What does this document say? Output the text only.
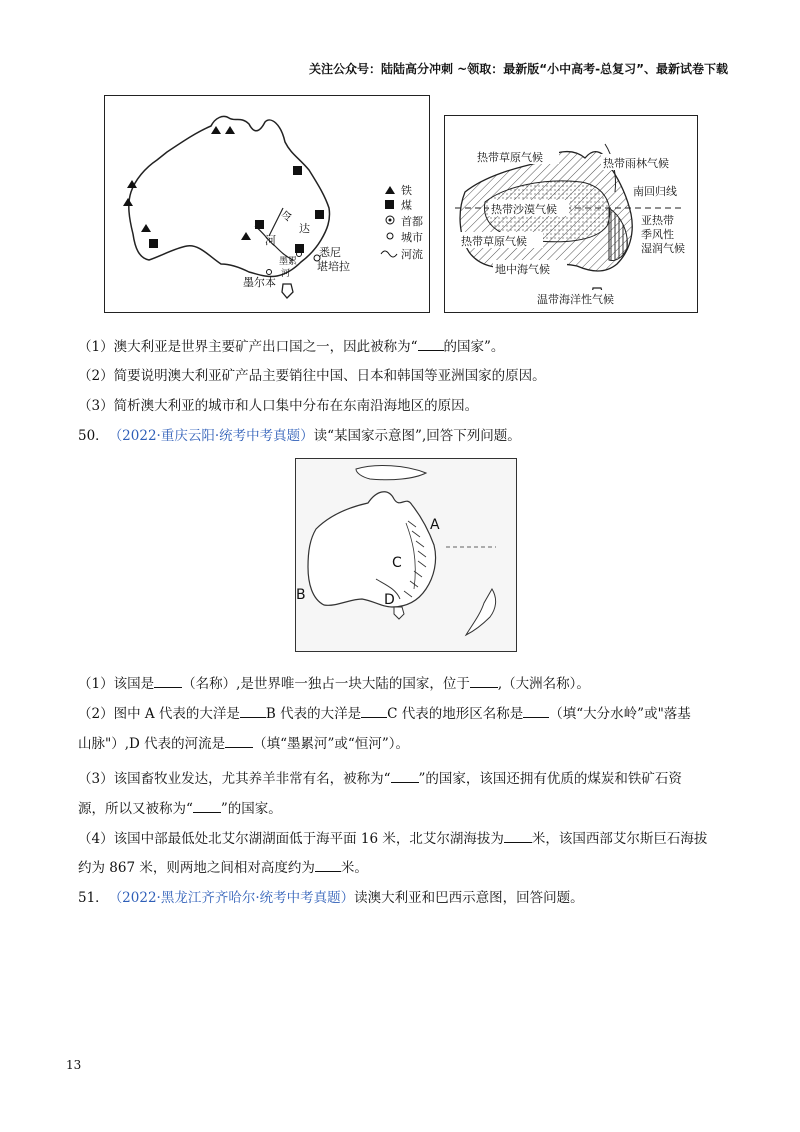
关注公众号：陆陆高分冲刺 ~领取：最新版“小中高考-总复习”、最新试卷下载
达
令
河
墨累
河
悉尼
堪培拉
墨尔本
铁
煤
首都
城市
河流
热带草原气候	热带雨林气候
南回归线
热带沙漠气候
亚热带
季风性
湿润气候
热带草原气候
地中海气候
温带海洋性气候
（1）澳大利亚是世界主要矿产出口国之一，因此被称为“ 的国家”。
（2）简要说明澳大利亚矿产品主要销往中国、日本和韩国等亚洲国家的原因。
（3）简析澳大利亚的城市和人口集中分布在东南沿海地区的原因。
50．（2022·重庆云阳·统考中考真题）读“某国家示意图”,回答下列问题。
A
B
C
D
（1）该国是 （名称）,是世界唯一独占一块大陆的国家，位于 ,（大洲名称）。
（2）图中 A 代表的大洋是 B 代表的大洋是 C 代表的地形区名称是 （填“大分水岭”或"落基
山脉"）,D 代表的河流是 （填“墨累河”或“恒河”）。
（3）该国畜牧业发达，尤其养羊非常有名，被称为“ ”的国家，该国还拥有优质的煤炭和铁矿石资
源，所以又被称为“ ”的国家。
（4）该国中部最低处北艾尔湖湖面低于海平面 16 米，北艾尔湖海拔为 米，该国西部艾尔斯巨石海拔
约为 867 米，则两地之间相对高度约为 米。
51．（2022·黑龙江齐齐哈尔·统考中考真题）读澳大利亚和巴西示意图，回答问题。
13
